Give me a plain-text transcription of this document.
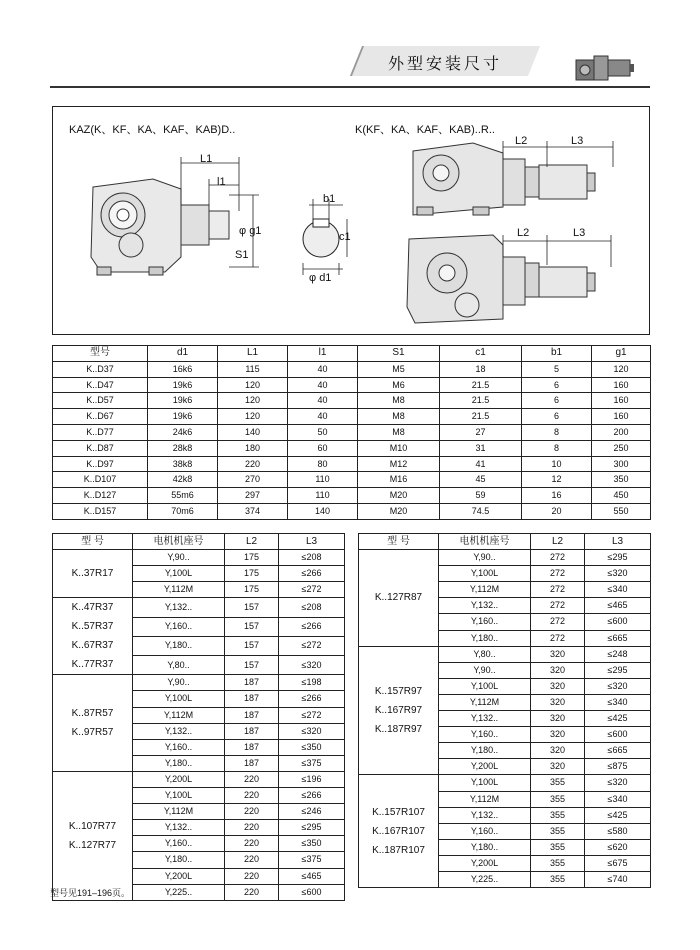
外型安装尺寸
KAZ(K、KF、KA、KAF、KAB)D..	K(KF、KA、KAF、KAB)..R..
L1
l1
φ g1
S1
b1
c1
φ d1
L2	L3
L2	L3
型号	d1	L1	l1	S1	c1	b1	g1
K..D37	16k6	115	40	M5	18	5	120
K..D47	19k6	120	40	M6	21.5	6	160
K..D57	19k6	120	40	M8	21.5	6	160
K..D67	19k6	120	40	M8	21.5	6	160
K..D77	24k6	140	50	M8	27	8	200
K..D87	28k8	180	60	M10	31	8	250
K..D97	38k8	220	80	M12	41	10	300
K..D107	42k8	270	110	M16	45	12	350
K..D127	55m6	297	110	M20	59	16	450
K..D157	70m6	374	140	M20	74.5	20	550
型 号	电机机座号	L2	L3

K..37R17	Y,90..	175	≤208
	Y,100L	175	≤266
	Y,112M	175	≤272

K..47R37
K..57R37
K..67R37
K..77R37	Y,132..	157	≤208
	Y,160..	157	≤266
	Y,180..	157	≤272
	Y,80..	157	≤320

K..87R57
K..97R57	Y,90..	187	≤198
	Y,100L	187	≤266
	Y,112M	187	≤272
	Y,132..	187	≤320
	Y,160..	187	≤350
	Y,180..	187	≤375

K..107R77
K..127R77	Y,200L	220	≤196
	Y,100L	220	≤266
	Y,112M	220	≤246
	Y,132..	220	≤295
	Y,160..	220	≤350
	Y,180..	220	≤375
	Y,200L	220	≤465
	Y,225..	220	≤600
型 号	电机机座号	L2	L3

K..127R87	Y,90..	272	≤295
	Y,100L	272	≤320
	Y,112M	272	≤340
	Y,132..	272	≤465
	Y,160..	272	≤600
	Y,180..	272	≤665

K..157R97
K..167R97
K..187R97	Y,80..	320	≤248
	Y,90..	320	≤295
	Y,100L	320	≤320
	Y,112M	320	≤340
	Y,132..	320	≤425
	Y,160..	320	≤600
	Y,180..	320	≤665
	Y,200L	320	≤875

K..157R107
K..167R107
K..187R107	Y,100L	355	≤320
	Y,112M	355	≤340
	Y,132..	355	≤425
	Y,160..	355	≤580
	Y,180..	355	≤620
	Y,200L	355	≤675
	Y,225..	355	≤740
型号见191–196页。
